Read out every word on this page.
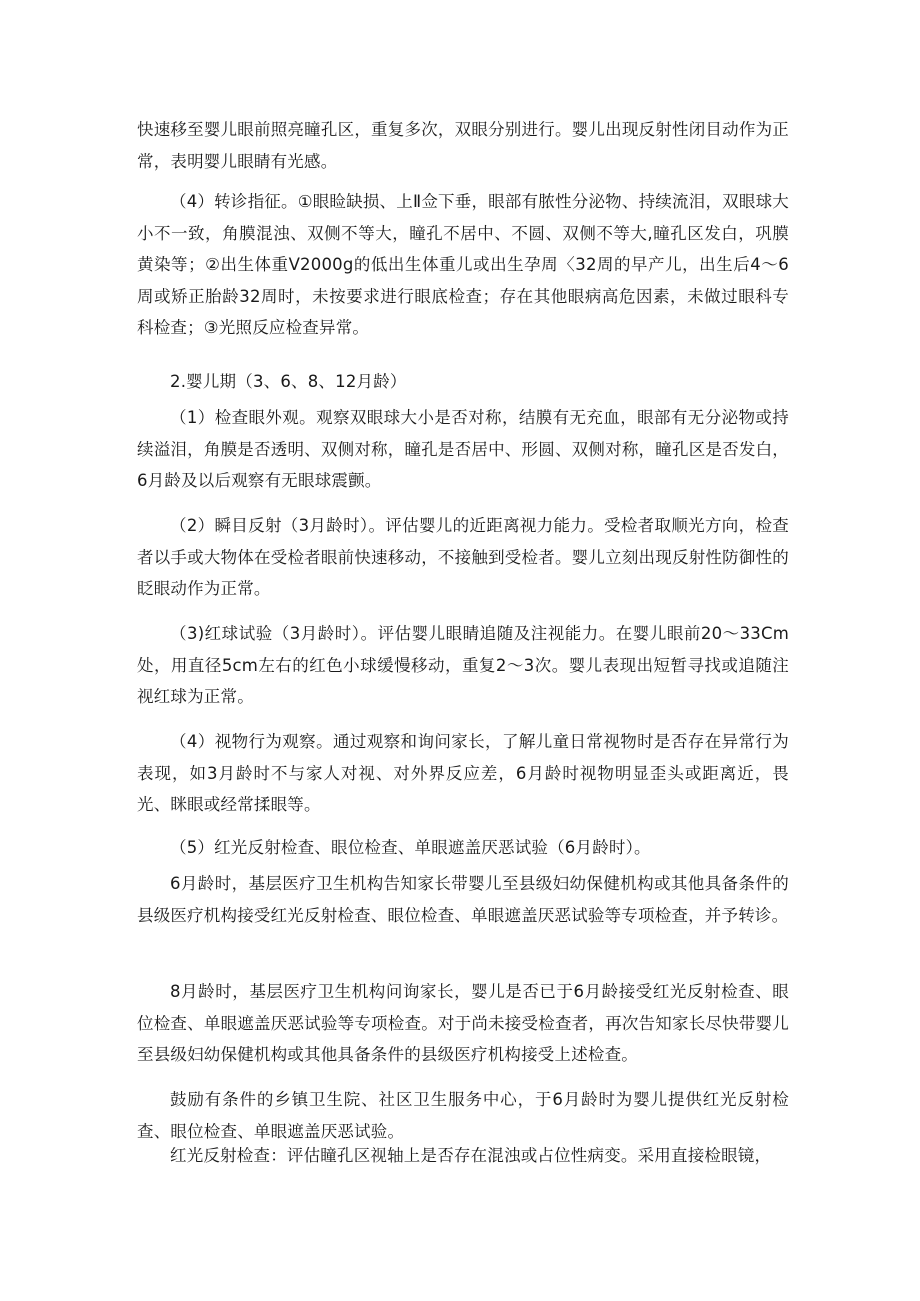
快速移至婴儿眼前照亮瞳孔区，重复多次，双眼分别进行。婴儿出现反射性闭目动作为正常，表明婴儿眼睛有光感。

（4）转诊指征。①眼睑缺损、上Ⅱ佥下垂，眼部有脓性分泌物、持续流泪，双眼球大小不一致，角膜混浊、双侧不等大，瞳孔不居中、不圆、双侧不等大,瞳孔区发白，巩膜黄染等；②出生体重V2000g的低出生体重儿或出生孕周〈32周的早产儿，出生后4～6周或矫正胎龄32周时，未按要求进行眼底检查；存在其他眼病高危因素，未做过眼科专科检查；③光照反应检查异常。

2.婴儿期（3、6、8、12月龄）

（1）检查眼外观。观察双眼球大小是否对称，结膜有无充血，眼部有无分泌物或持续溢泪，角膜是否透明、双侧对称，瞳孔是否居中、形圆、双侧对称，瞳孔区是否发白，6月龄及以后观察有无眼球震颤。

（2）瞬目反射（3月龄时）。评估婴儿的近距离视力能力。受检者取顺光方向，检查者以手或大物体在受检者眼前快速移动，不接触到受检者。婴儿立刻出现反射性防御性的眨眼动作为正常。

（3)红球试验（3月龄时）。评估婴儿眼睛追随及注视能力。在婴儿眼前20～33Cm处，用直径5cm左右的红色小球缓慢移动，重复2～3次。婴儿表现出短暂寻找或追随注视红球为正常。

（4）视物行为观察。通过观察和询问家长，了解儿童日常视物时是否存在异常行为表现，如3月龄时不与家人对视、对外界反应差，6月龄时视物明显歪头或距离近，畏光、眯眼或经常揉眼等。

（5）红光反射检查、眼位检查、单眼遮盖厌恶试验（6月龄时）。

6月龄时，基层医疗卫生机构告知家长带婴儿至县级妇幼保健机构或其他具备条件的县级医疗机构接受红光反射检查、眼位检查、单眼遮盖厌恶试验等专项检查，并予转诊。

8月龄时，基层医疗卫生机构问询家长，婴儿是否已于6月龄接受红光反射检查、眼位检查、单眼遮盖厌恶试验等专项检查。对于尚未接受检查者，再次告知家长尽快带婴儿至县级妇幼保健机构或其他具备条件的县级医疗机构接受上述检查。

鼓励有条件的乡镇卫生院、社区卫生服务中心，于6月龄时为婴儿提供红光反射检查、眼位检查、单眼遮盖厌恶试验。

红光反射检查：评估瞳孔区视轴上是否存在混浊或占位性病变。采用直接检眼镜，
